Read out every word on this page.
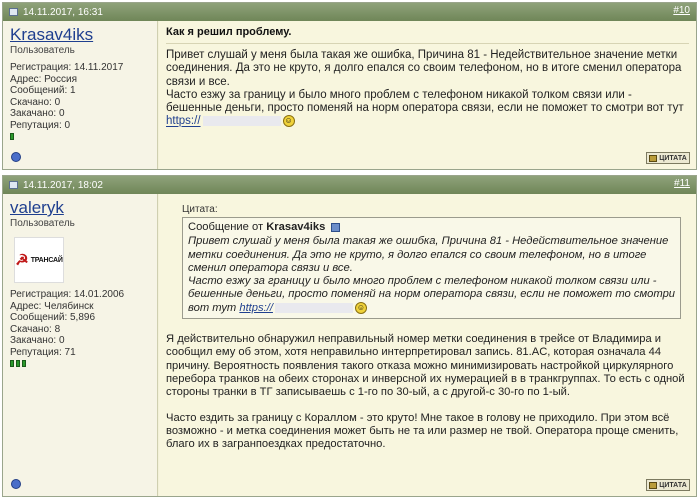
14.11.2017, 16:31	#10
Krasav4iks
Пользователь
Регистрация: 14.11.2017
Адрес: Россия
Сообщений: 1
Скачано: 0
Закачано: 0
Репутация: 0
Как я решил проблему.

Привет слушай у меня была такая же ошибка, Причина 81 - Недействительное значение метки соединения. Да это не круто, я долго епался со своим телефоном, но в итоге сменил оператора связи и все.

Часто езжу за границу и было много проблем с телефоном никакой толком связи или - бешенные деньги, просто поменяй на норм оператора связи, если не поможет то смотри вот тут https://	☺

ЦИТАТА
14.11.2017, 18:02	#11
valeryk
Пользователь
☭ ТРАНСАЙ
Регистрация: 14.01.2006
Адрес: Челябинск
Сообщений: 5,896
Скачано: 8
Закачано: 0
Репутация: 71
Цитата:
Сообщение от Krasav4iks
Привет слушай у меня была такая же ошибка, Причина 81 - Недействительное значение метки соединения. Да это не круто, я долго епался со своим телефоном, но в итоге сменил оператора связи и все.
Часто езжу за границу и было много проблем с телефоном никакой толком связи или - бешенные деньги, просто поменяй на норм оператора связи, если не поможет то смотри вот тут https://	☺

Я действительно обнаружил неправильный номер метки соединения в трейсе от Владимира и сообщил ему об этом, хотя неправильно интерпретировал запись. 81.AC, которая означала 44 причину. Вероятность появления такого отказа можно минимизировать настройкой циркулярного перебора транков на обеих сторонах и инверсной их нумерацией в в транкгруппах. То есть с одной стороны транки в ТГ записываешь с 1-го по 30-ый, а с другой-с 30-го по 1-ый.

Часто ездить за границу с Кораллом - это круто! Мне такое в голову не приходило. При этом всё возможно - и метка соединения может быть не та или размер не твой. Оператора проще сменить, благо их в загранпоездках предостаточно.

ЦИТАТА
